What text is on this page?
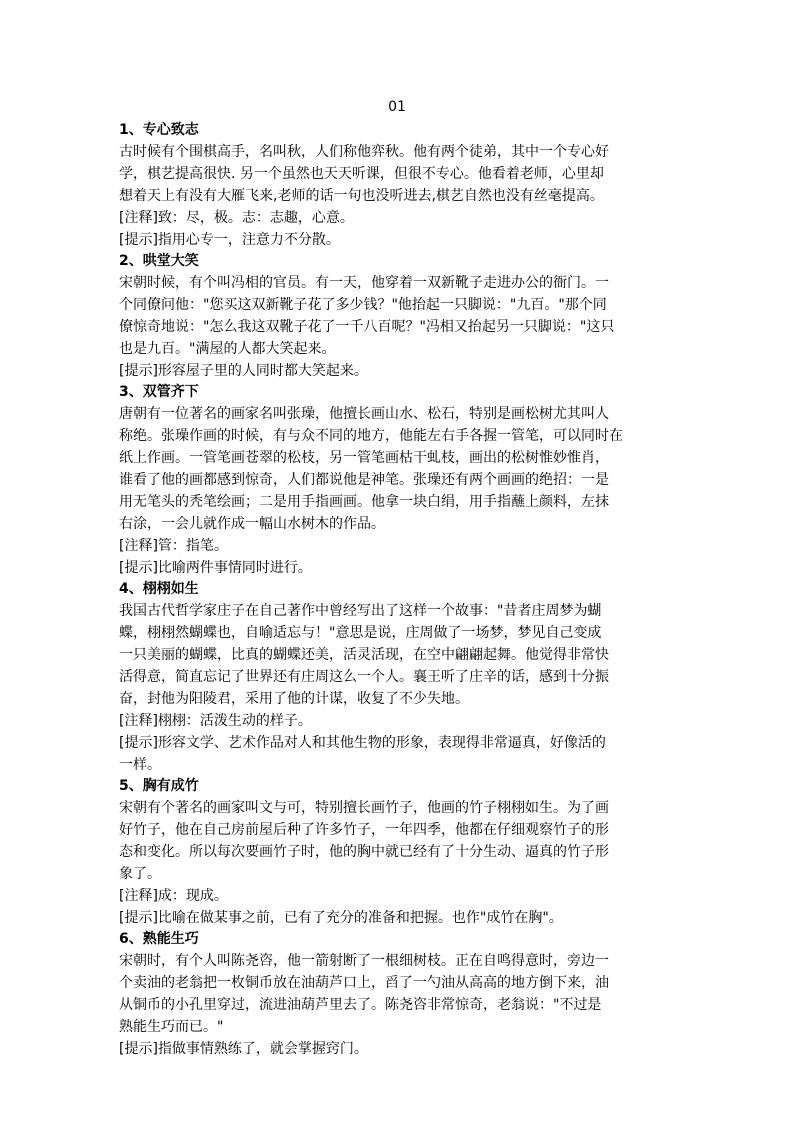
01
1、专心致志
古时候有个围棋高手，名叫秋，人们称他弈秋。他有两个徒弟，其中一个专心好
学，棋艺提高很快. 另一个虽然也天天听课，但很不专心。他看着老师，心里却
想着天上有没有大雁飞来,老师的话一句也没听进去,棋艺自然也没有丝毫提高。
[注释]致：尽，极。志：志趣，心意。
[提示]指用心专一，注意力不分散。
2、哄堂大笑
宋朝时候，有个叫冯相的官员。有一天，他穿着一双新靴子走进办公的衙门。一
个同僚问他："您买这双新靴子花了多少钱？"他抬起一只脚说："九百。"那个同
僚惊奇地说："怎么我这双靴子花了一千八百呢？"冯相又抬起另一只脚说："这只
也是九百。"满屋的人都大笑起来。
[提示]形容屋子里的人同时都大笑起来。
3、双管齐下
唐朝有一位著名的画家名叫张璪，他擅长画山水、松石，特别是画松树尤其叫人
称绝。张璪作画的时候，有与众不同的地方，他能左右手各握一管笔，可以同时在
纸上作画。一管笔画苍翠的松枝，另一管笔画枯干虬枝，画出的松树惟妙惟肖，
谁看了他的画都感到惊奇，人们都说他是神笔。张璪还有两个画画的绝招：一是
用无笔头的秃笔绘画；二是用手指画画。他拿一块白绢，用手指蘸上颜料，左抹
右涂，一会儿就作成一幅山水树木的作品。
[注释]管：指笔。
[提示]比喻两件事情同时进行。
4、栩栩如生
我国古代哲学家庄子在自己著作中曾经写出了这样一个故事："昔者庄周梦为蝴
蝶，栩栩然蝴蝶也，自喻适忘与！"意思是说，庄周做了一场梦，梦见自己变成
一只美丽的蝴蝶，比真的蝴蝶还美，活灵活现，在空中翩翩起舞。他觉得非常快
活得意，简直忘记了世界还有庄周这么一个人。襄王听了庄辛的话，感到十分振
奋，封他为阳陵君，采用了他的计谋，收复了不少失地。
[注释]栩栩：活泼生动的样子。
[提示]形容文学、艺术作品对人和其他生物的形象，表现得非常逼真，好像活的
一样。
5、胸有成竹
宋朝有个著名的画家叫文与可，特别擅长画竹子，他画的竹子栩栩如生。为了画
好竹子，他在自己房前屋后种了许多竹子，一年四季，他都在仔细观察竹子的形
态和变化。所以每次要画竹子时，他的胸中就已经有了十分生动、逼真的竹子形
象了。
[注释]成：现成。
[提示]比喻在做某事之前，已有了充分的准备和把握。也作"成竹在胸"。
6、熟能生巧
宋朝时，有个人叫陈尧咨，他一箭射断了一根细树枝。正在自鸣得意时，旁边一
个卖油的老翁把一枚铜币放在油葫芦口上，舀了一勺油从高高的地方倒下来，油
从铜币的小孔里穿过，流进油葫芦里去了。陈尧咨非常惊奇，老翁说："不过是
熟能生巧而已。"
[提示]指做事情熟练了，就会掌握窍门。
